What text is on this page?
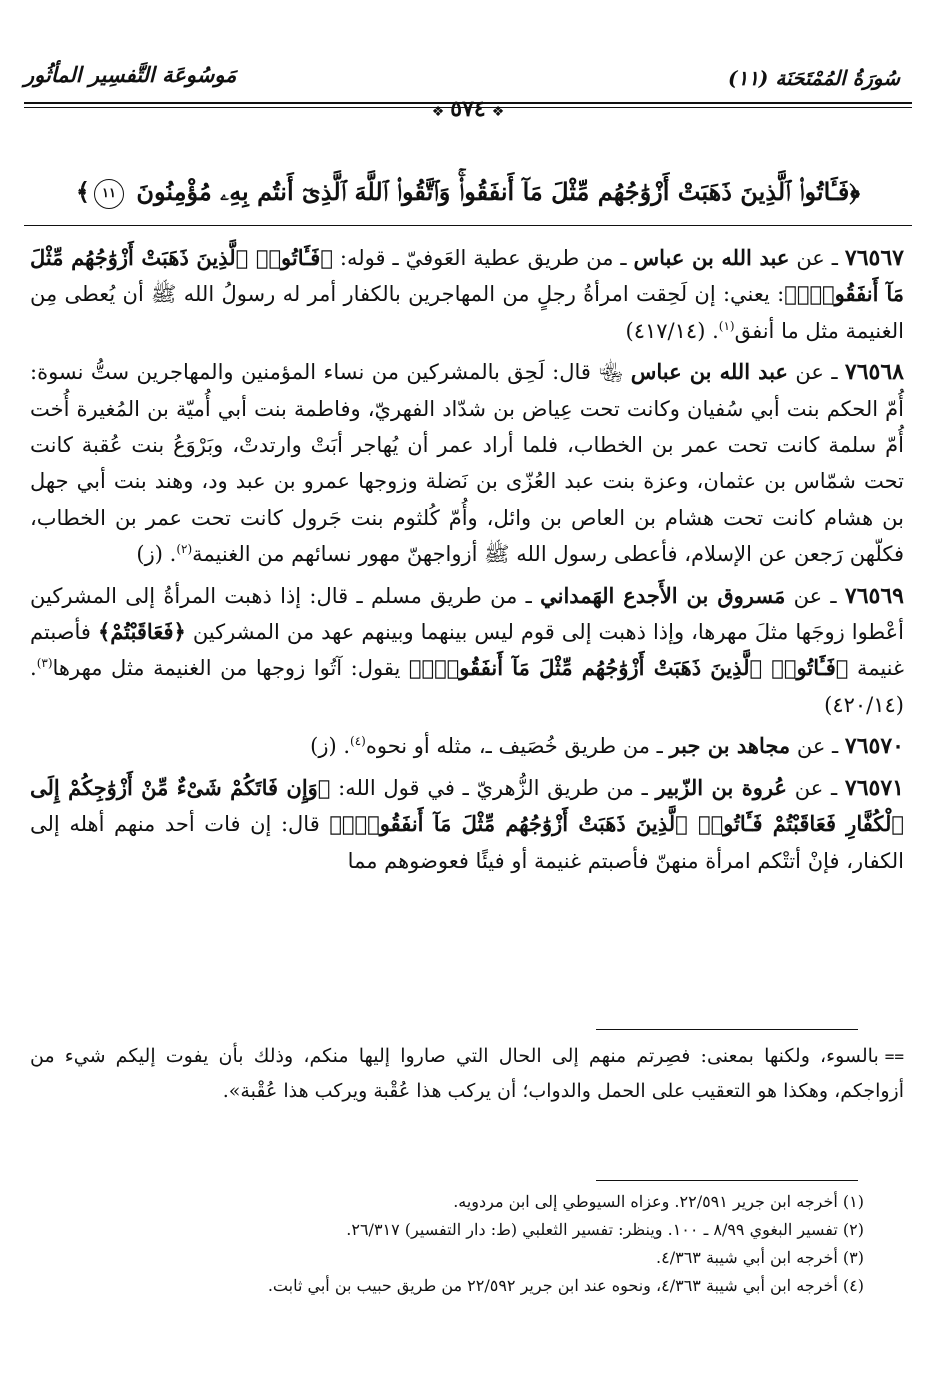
سُورَةُ المُمْتَحَنَة (١١)
مَوسُوعَة التَّفسِير المأثُور
❖٥٧٤❖
﴿فَـَٔاتُوا۟ ٱلَّذِينَ ذَهَبَتْ أَزْوَٰجُهُم مِّثْلَ مَآ أَنفَقُوا۟ۚ وَٱتَّقُوا۟ ٱللَّهَ ٱلَّذِىٓ أَنتُم بِهِۦ مُؤْمِنُونَ ١١﴾

٧٦٥٦٧ ـ عن عبد الله بن عباس ـ من طريق عطية العَوفيّ ـ قوله: ﴿فَـَٔاتُوا۟ ٱلَّذِينَ ذَهَبَتْ أَزْوَٰجُهُم مِّثْلَ مَآ أَنفَقُوا۟ۚ﴾: يعني: إن لَحِقت امرأةُ رجلٍ من المهاجرين بالكفار أمر له رسولُ الله ﷺ أن يُعطى مِن الغنيمة مثل ما أنفق$^{(١)}$. (٤١٧/١٤)

٧٦٥٦٨ ـ عن عبد الله بن عباس ﵄ قال: لَحِق بالمشركين من نساء المؤمنين والمهاجرين ستُّ نسوة: أُمّ الحكم بنت أبي سُفيان وكانت تحت عِياض بن شدّاد الفهريّ، وفاطمة بنت أبي أُميّة بن المُغيرة أُخت أُمّ سلمة كانت تحت عمر بن الخطاب، فلما أراد عمر أن يُهاجر أبَتْ وارتدتْ، وبَرْوَعُ بنت عُقبة كانت تحت شمّاس بن عثمان، وعزة بنت عبد العُزّى بن نَضلة وزوجها عمرو بن عبد ود، وهند بنت أبي جهل بن هشام كانت تحت هشام بن العاص بن وائل، وأُمّ كُلثوم بنت جَرول كانت تحت عمر بن الخطاب، فكلّهن رَجعن عن الإسلام، فأعطى رسول الله ﷺ أزواجهنّ مهور نسائهم من الغنيمة$^{(٢)}$. (ز)

٧٦٥٦٩ ـ عن مَسروق بن الأَجدع الهَمداني ـ من طريق مسلم ـ قال: إذا ذهبت المرأةُ إلى المشركين أعْطوا زوجَها مثلَ مهرها، وإذا ذهبت إلى قوم ليس بينهما وبينهم عهد من المشركين ﴿فَعَاقَبْتُمْ﴾ فأصبتم غنيمة ﴿فَـَٔاتُوا۟ ٱلَّذِينَ ذَهَبَتْ أَزْوَٰجُهُم مِّثْلَ مَآ أَنفَقُوا۟ۚ﴾ يقول: آتُوا زوجها من الغنيمة مثل مهرها$^{(٣)}$. (٤٢٠/١٤)

٧٦٥٧٠ ـ عن مجاهد بن جبر ـ من طريق خُصَيف ـ، مثله أو نحوه$^{(٤)}$. (ز)

٧٦٥٧١ ـ عن عُروة بن الزّبير ـ من طريق الزُّهريّ ـ في قول الله: ﴿وَإِن فَاتَكُمْ شَىْءٌ مِّنْ أَزْوَٰجِكُمْ إِلَى ٱلْكُفَّارِ فَعَاقَبْتُمْ فَـَٔاتُوا۟ ٱلَّذِينَ ذَهَبَتْ أَزْوَٰجُهُم مِّثْلَ مَآ أَنفَقُوا۟ۚ﴾ قال: إن فات أحد منهم أهله إلى الكفار، فإنْ أتتْكم امرأة منهنّ فأصبتم غنيمة أو فيئًا فعوضوهم مما

==بالسوء، ولكنها بمعنى: فصِرتم منهم إلى الحال التي صاروا إليها منكم، وذلك بأن يفوت إليكم شيء من أزواجكم، وهكذا هو التعقيب على الحمل والدواب؛ أن يركب هذا عُقْبة ويركب هذا عُقْبة».

(١) أخرجه ابن جرير ٢٢/٥٩١. وعزاه السيوطي إلى ابن مردويه.

(٢) تفسير البغوي ٨/٩٩ ـ ١٠٠. وينظر: تفسير الثعلبي (ط: دار التفسير) ٢٦/٣١٧.

(٣) أخرجه ابن أبي شيبة ٤/٣٦٣.

(٤) أخرجه ابن أبي شيبة ٤/٣٦٣، ونحوه عند ابن جرير ٢٢/٥٩٢ من طريق حبيب بن أبي ثابت.
